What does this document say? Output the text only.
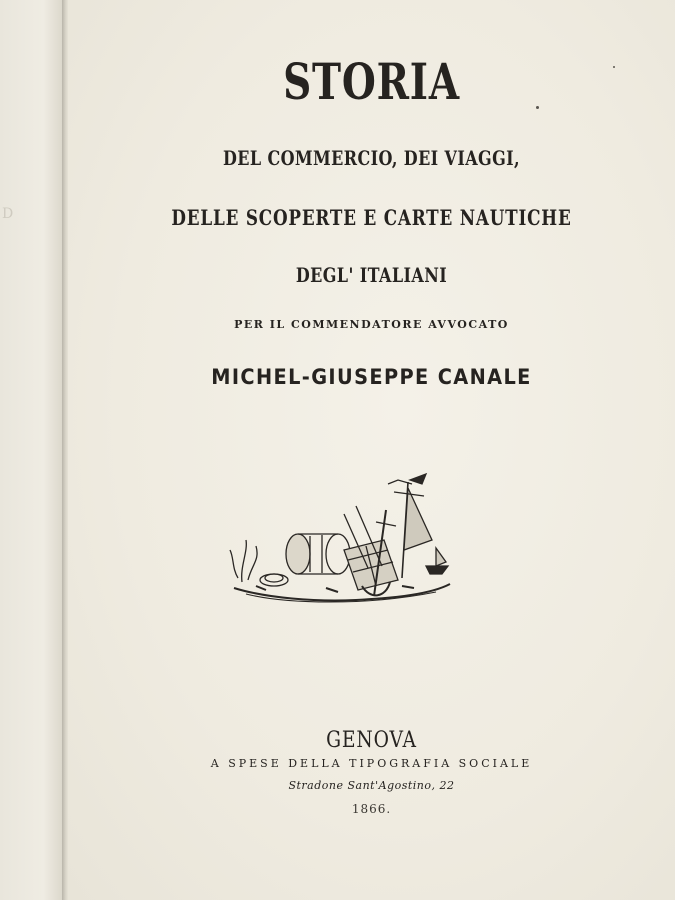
D
STORIA
DEL COMMERCIO, DEI VIAGGI,
DELLE SCOPERTE E CARTE NAUTICHE
DEGL' ITALIANI
PER IL COMMENDATORE AVVOCATO
MICHEL-GIUSEPPE CANALE
GENOVA
A SPESE DELLA TIPOGRAFIA SOCIALE
Stradone Sant'Agostino, 22
1866.
